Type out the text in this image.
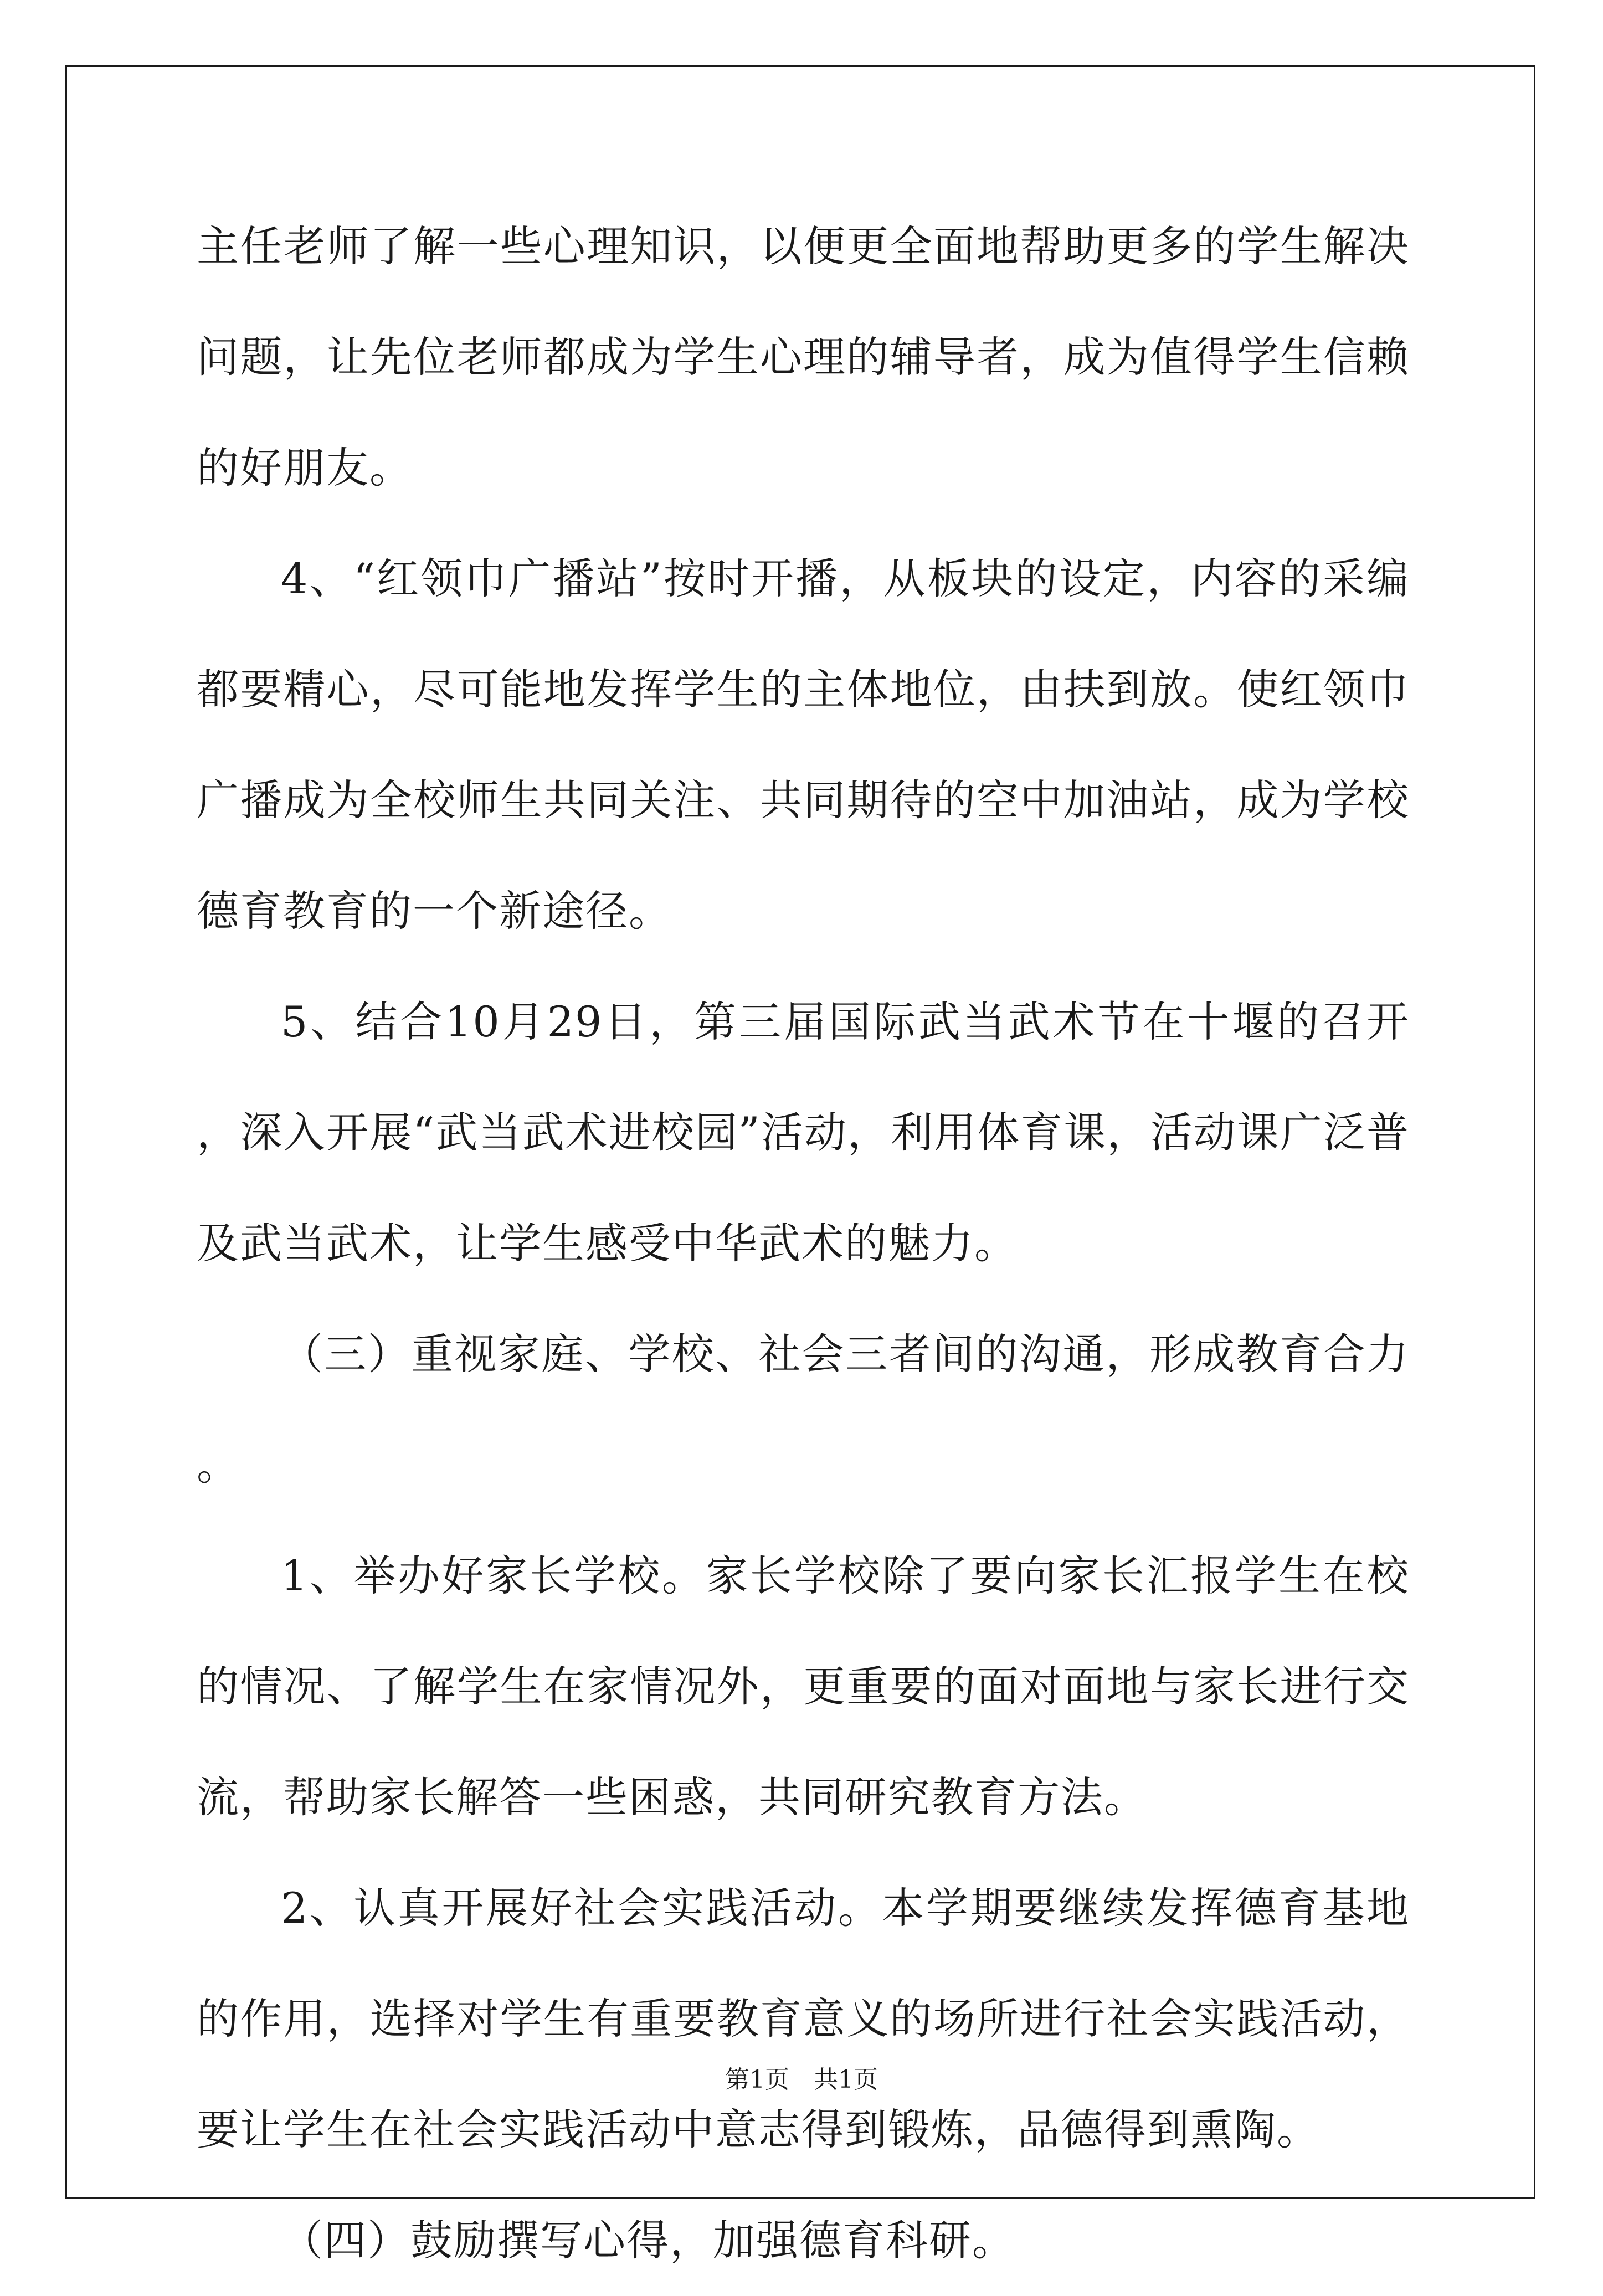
主任老师了解一些心理知识，以便更全面地帮助更多的学生解决问题，让先位老师都成为学生心理的辅导者，成为值得学生信赖的好朋友。

4、“红领巾广播站”按时开播，从板块的设定，内容的采编都要精心，尽可能地发挥学生的主体地位，由扶到放。使红领巾广播成为全校师生共同关注、共同期待的空中加油站，成为学校德育教育的一个新途径。

5、结合10月29日，第三届国际武当武术节在十堰的召开，深入开展“武当武术进校园”活动，利用体育课，活动课广泛普及武当武术，让学生感受中华武术的魅力。

（三）重视家庭、学校、社会三者间的沟通，形成教育合力。

1、举办好家长学校。家长学校除了要向家长汇报学生在校的情况、了解学生在家情况外，更重要的面对面地与家长进行交流，帮助家长解答一些困惑，共同研究教育方法。

2、认真开展好社会实践活动。本学期要继续发挥德育基地的作用，选择对学生有重要教育意义的场所进行社会实践活动，要让学生在社会实践活动中意志得到锻炼，品德得到熏陶。

（四）鼓励撰写心得，加强德育科研。

第1页　共1页
